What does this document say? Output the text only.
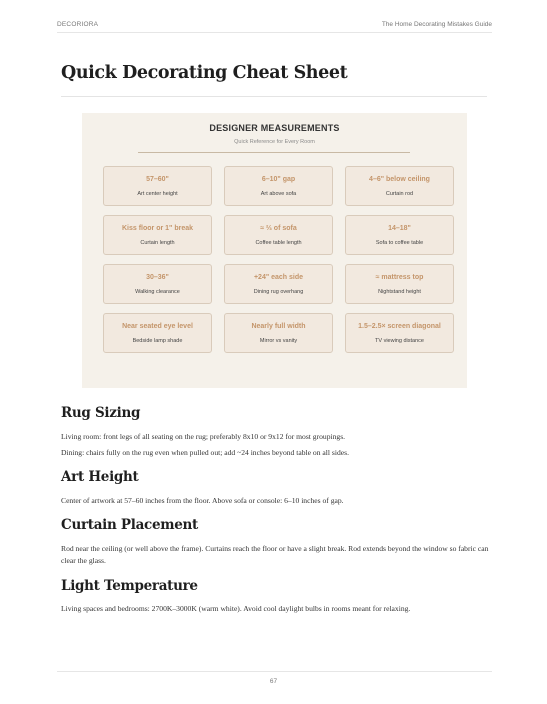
DECORIORA	The Home Decorating Mistakes Guide
Quick Decorating Cheat Sheet
DESIGNER MEASUREMENTS
Quick Reference for Every Room
57–60"
Art center height
6–10" gap
Art above sofa
4–6" below ceiling
Curtain rod
Kiss floor or 1" break
Curtain length
≈ ⅔ of sofa
Coffee table length
14–18"
Sofa to coffee table
30–36"
Walking clearance
+24" each side
Dining rug overhang
≈ mattress top
Nightstand height
Near seated eye level
Bedside lamp shade
Nearly full width
Mirror vs vanity
1.5–2.5× screen diagonal
TV viewing distance
Rug Sizing

Living room: front legs of all seating on the rug; preferably 8x10 or 9x12 for most groupings.

Dining: chairs fully on the rug even when pulled out; add ~24 inches beyond table on all sides.

Art Height

Center of artwork at 57–60 inches from the floor. Above sofa or console: 6–10 inches of gap.

Curtain Placement

Rod near the ceiling (or well above the frame). Curtains reach the floor or have a slight break. Rod extends beyond the window so fabric can clear the glass.

Light Temperature

Living spaces and bedrooms: 2700K–3000K (warm white). Avoid cool daylight bulbs in rooms meant for relaxing.

67
